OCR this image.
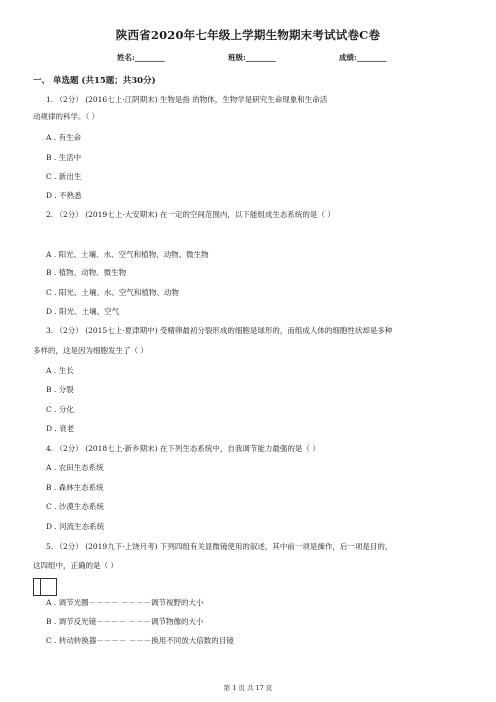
陕西省2020年七年级上学期生物期末考试试卷C卷
姓名:________	班级:________	成绩:________
一、 单选题 (共15题；共30分)
1. （2分） (2016七上·江阴期末) 生物是指 的物体，生物学是研究生命现象和生命活
动规律的科学。（ ）
A . 有生命
B . 生活中
C . 新出生
D . 不熟悉
2. （2分） (2019七上·大安期末) 在一定的空间范围内，以下能组成生态系统的是（ ）
A . 阳光、土壤、水、空气和植物、动物、微生物
B . 植物、动物、微生物
C . 阳光、土壤、水、空气和植物、动物
D . 阳光、土壤、空气
3. （2分） (2015七上·夏津期中) 受精卵最初分裂形成的细胞是球形的，而组成人体的细胞性状却是多种
多样的，这是因为细胞发生了（ ）
A . 生长
B . 分裂
C . 分化
D . 衰老
4. （2分） (2018七上·新乡期末) 在下列生态系统中，自我调节能力最强的是（ ）
A . 农田生态系统
B . 森林生态系统
C . 沙漠生态系统
D . 河流生态系统
5. （2分） (2019九下·上饶月考) 下列四组有关显微镜使用的叙述，其中前一项是操作，后一项是目的，
这四组中，正确的是（ ）
A . 调节光圈－－－－ －－－－调节视野的大小
B . 调节反光镜－－－－ －－－调节物像的大小
C . 转动转换器－－－－ －－－换用不同放大倍数的目镜
第 1 页 共 17 页
